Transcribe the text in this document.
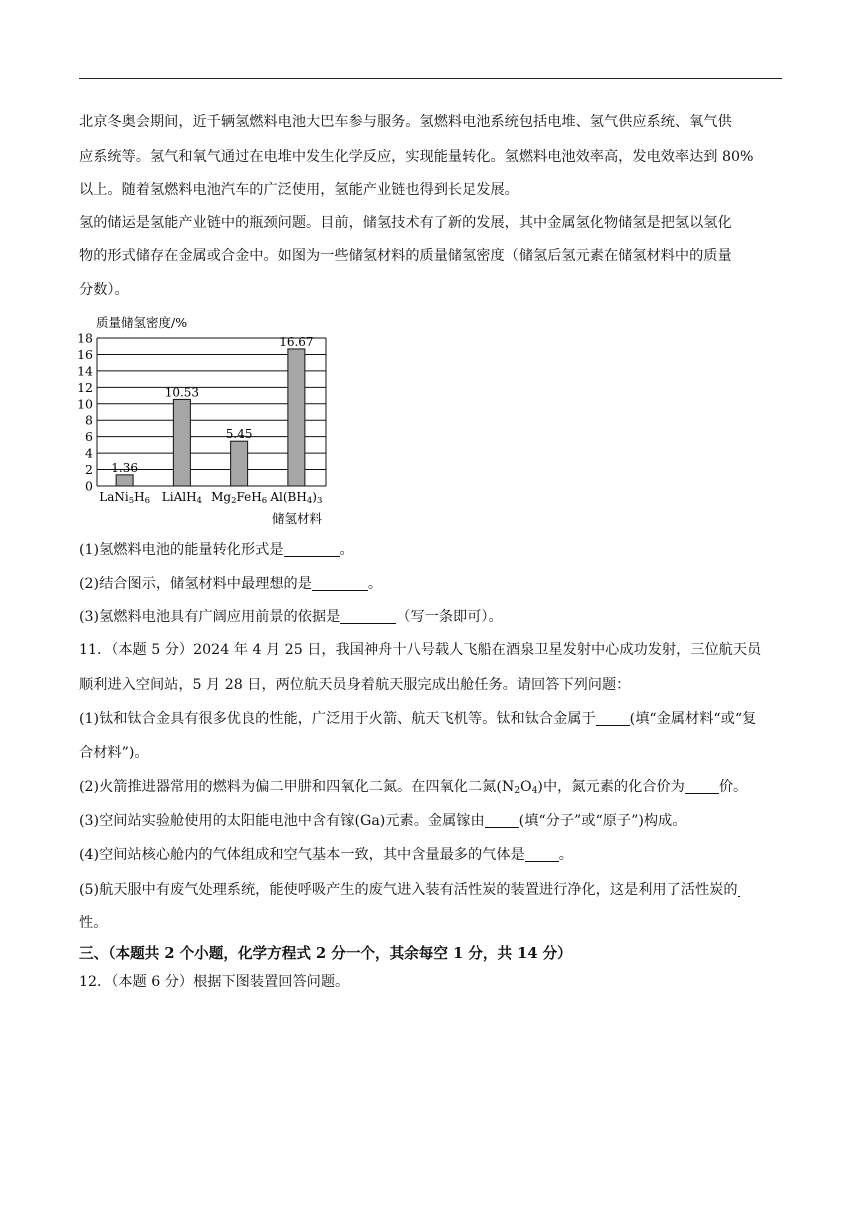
北京冬奥会期间，近千辆氢燃料电池大巴车参与服务。氢燃料电池系统包括电堆、氢气供应系统、氧气供
应系统等。氢气和氧气通过在电堆中发生化学反应，实现能量转化。氢燃料电池效率高，发电效率达到 80%
以上。随着氢燃料电池汽车的广泛使用，氢能产业链也得到长足发展。
氢的储运是氢能产业链中的瓶颈问题。目前，储氢技术有了新的发展，其中金属氢化物储氢是把氢以氢化
物的形式储存在金属或合金中。如图为一些储氢材料的质量储氢密度（储氢后氢元素在储氢材料中的质量
分数）。
0
2
4
6
8
10
12
14
16
18
1.36
10.53
5.45
16.67
LaNi5H6 LiAlH4 Mg2FeH6 Al(BH4)3
质量储氢密度/%
储氢材料
(1)氢燃料电池的能量转化形式是	。
(2)结合图示，储氢材料中最理想的是	。
(3)氢燃料电池具有广阔应用前景的依据是	（写一条即可）。
11．（本题 5 分）2024 年 4 月 25 日，我国神舟十八号载人飞船在酒泉卫星发射中心成功发射，三位航天员
顺利进入空间站，5 月 28 日，两位航天员身着航天服完成出舱任务。请回答下列问题：
(1)钛和钛合金具有很多优良的性能，广泛用于火箭、航天飞机等。钛和钛合金属于 (填“金属材料“或“复
合材料”)。
(2)火箭推进器常用的燃料为偏二甲肼和四氧化二氮。在四氧化二氮$(N_2O_4)$中，氮元素的化合价为 价。
(3)空间站实验舱使用的太阳能电池中含有镓(Ga)元素。金属镓由 (填“分子”或“原子”)构成。
(4)空间站核心舱内的气体组成和空气基本一致，其中含量最多的气体是 。
(5)航天服中有废气处理系统，能使呼吸产生的废气进入装有活性炭的装置进行净化，这是利用了活性炭的
性。
三、（本题共 2 个小题，化学方程式 2 分一个，其余每空 1 分，共 14 分）
12．（本题 6 分）根据下图装置回答问题。
